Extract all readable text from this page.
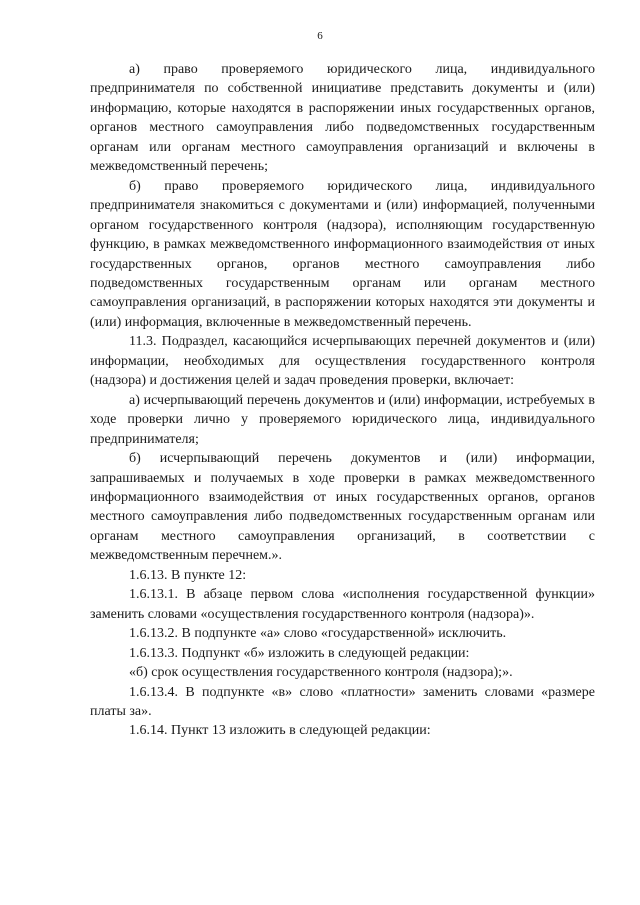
6

а) право проверяемого юридического лица, индивидуального предпринимателя по собственной инициативе представить документы и (или) информацию, которые находятся в распоряжении иных государственных органов, органов местного самоуправления либо подведомственных государственным органам или органам местного самоуправления организаций и включены в межведомственный перечень;

б) право проверяемого юридического лица, индивидуального предпринимателя знакомиться с документами и (или) информацией, полученными органом государственного контроля (надзора), исполняющим государственную функцию, в рамках межведомственного информационного взаимодействия от иных государственных органов, органов местного самоуправления либо подведомственных государственным органам или органам местного самоуправления организаций, в распоряжении которых находятся эти документы и (или) информация, включенные в межведомственный перечень.

11.3. Подраздел, касающийся исчерпывающих перечней документов и (или) информации, необходимых для осуществления государственного контроля (надзора) и достижения целей и задач проведения проверки, включает:

а) исчерпывающий перечень документов и (или) информации, истребуемых в ходе проверки лично у проверяемого юридического лица, индивидуального предпринимателя;

б) исчерпывающий перечень документов и (или) информации, запрашиваемых и получаемых в ходе проверки в рамках межведомственного информационного взаимодействия от иных государственных органов, органов местного самоуправления либо подведомственных государственным органам или органам местного самоуправления организаций, в соответствии с межведомственным перечнем.».

1.6.13. В пункте 12:

1.6.13.1. В абзаце первом слова «исполнения государственной функции» заменить словами «осуществления государственного контроля (надзора)».

1.6.13.2. В подпункте «а» слово «государственной» исключить.

1.6.13.3. Подпункт «б» изложить в следующей редакции:

«б) срок осуществления государственного контроля (надзора);».

1.6.13.4. В подпункте «в» слово «платности» заменить словами «размере платы за».

1.6.14. Пункт 13 изложить в следующей редакции:
